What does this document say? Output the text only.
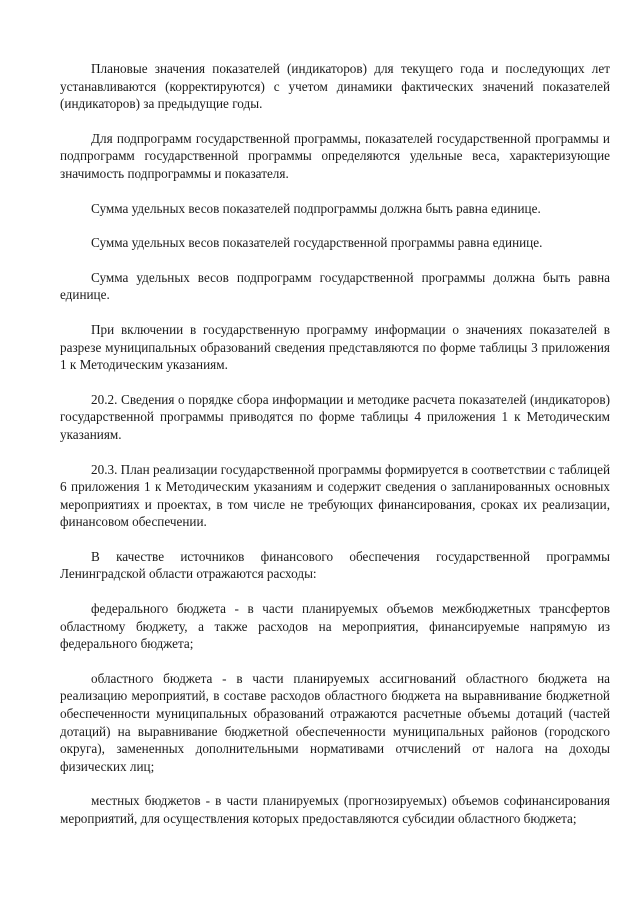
Плановые значения показателей (индикаторов) для текущего года и последующих лет устанавливаются (корректируются) с учетом динамики фактических значений показателей (индикаторов) за предыдущие годы.

Для подпрограмм государственной программы, показателей государственной программы и подпрограмм государственной программы определяются удельные веса, характеризующие значимость подпрограммы и показателя.

Сумма удельных весов показателей подпрограммы должна быть равна единице.

Сумма удельных весов показателей государственной программы равна единице.

Сумма удельных весов подпрограмм государственной программы должна быть равна единице.

При включении в государственную программу информации о значениях показателей в разрезе муниципальных образований сведения представляются по форме таблицы 3 приложения 1 к Методическим указаниям.

20.2. Сведения о порядке сбора информации и методике расчета показателей (индикаторов) государственной программы приводятся по форме таблицы 4 приложения 1 к Методическим указаниям.

20.3. План реализации государственной программы формируется в соответствии с таблицей 6 приложения 1 к Методическим указаниям и содержит сведения о запланированных основных мероприятиях и проектах, в том числе не требующих финансирования, сроках их реализации, финансовом обеспечении.

В качестве источников финансового обеспечения государственной программы Ленинградской области отражаются расходы:

федерального бюджета - в части планируемых объемов межбюджетных трансфертов областному бюджету, а также расходов на мероприятия, финансируемые напрямую из федерального бюджета;

областного бюджета - в части планируемых ассигнований областного бюджета на реализацию мероприятий, в составе расходов областного бюджета на выравнивание бюджетной обеспеченности муниципальных образований отражаются расчетные объемы дотаций (частей дотаций) на выравнивание бюджетной обеспеченности муниципальных районов (городского округа), замененных дополнительными нормативами отчислений от налога на доходы физических лиц;

местных бюджетов - в части планируемых (прогнозируемых) объемов софинансирования мероприятий, для осуществления которых предоставляются субсидии областного бюджета;
